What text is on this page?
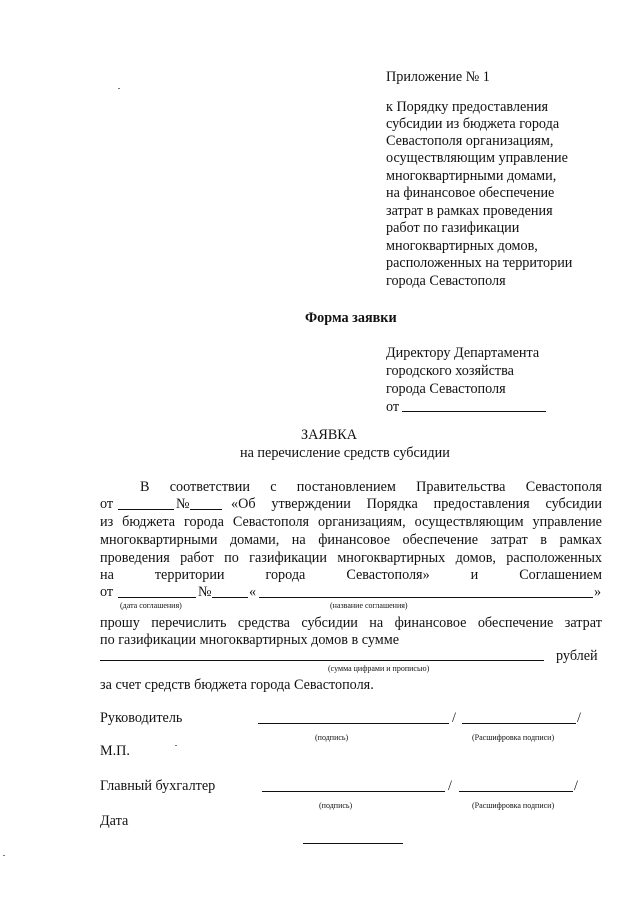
Приложение № 1
к Порядку предоставления
субсидии из бюджета города
Севастополя организациям,
осуществляющим управление
многоквартирными домами,
на финансовое обеспечение
затрат в рамках проведения
работ по газификации
многоквартирных домов,
расположенных на территории
города Севастополя
Форма заявки
Директору Департамента
городского хозяйства
города Севастополя
от
ЗАЯВКА
на перечисление средств субсидии
В соответствии с постановлением Правительства Севастополя
от	№	«Об утверждении Порядка предоставления субсидии
из бюджета города Севастополя организациям, осуществляющим управление
многоквартирными домами, на финансовое обеспечение затрат в рамках
проведения работ по газификации многоквартирных домов, расположенных
на	территории	города	Севастополя»	и	Соглашением
от	№	«	»
(дата соглашения)	(название соглашения)
прошу перечислить средства субсидии на финансовое обеспечение затрат
по газификации многоквартирных домов в сумме
рублей
(сумма цифрами и прописью)
за счет средств бюджета города Севастополя.
Руководитель	/	/
(подпись)	(Расшифровка подписи)
М.П.
Главный бухгалтер	/	/
(подпись)	(Расшифровка подписи)
Дата
